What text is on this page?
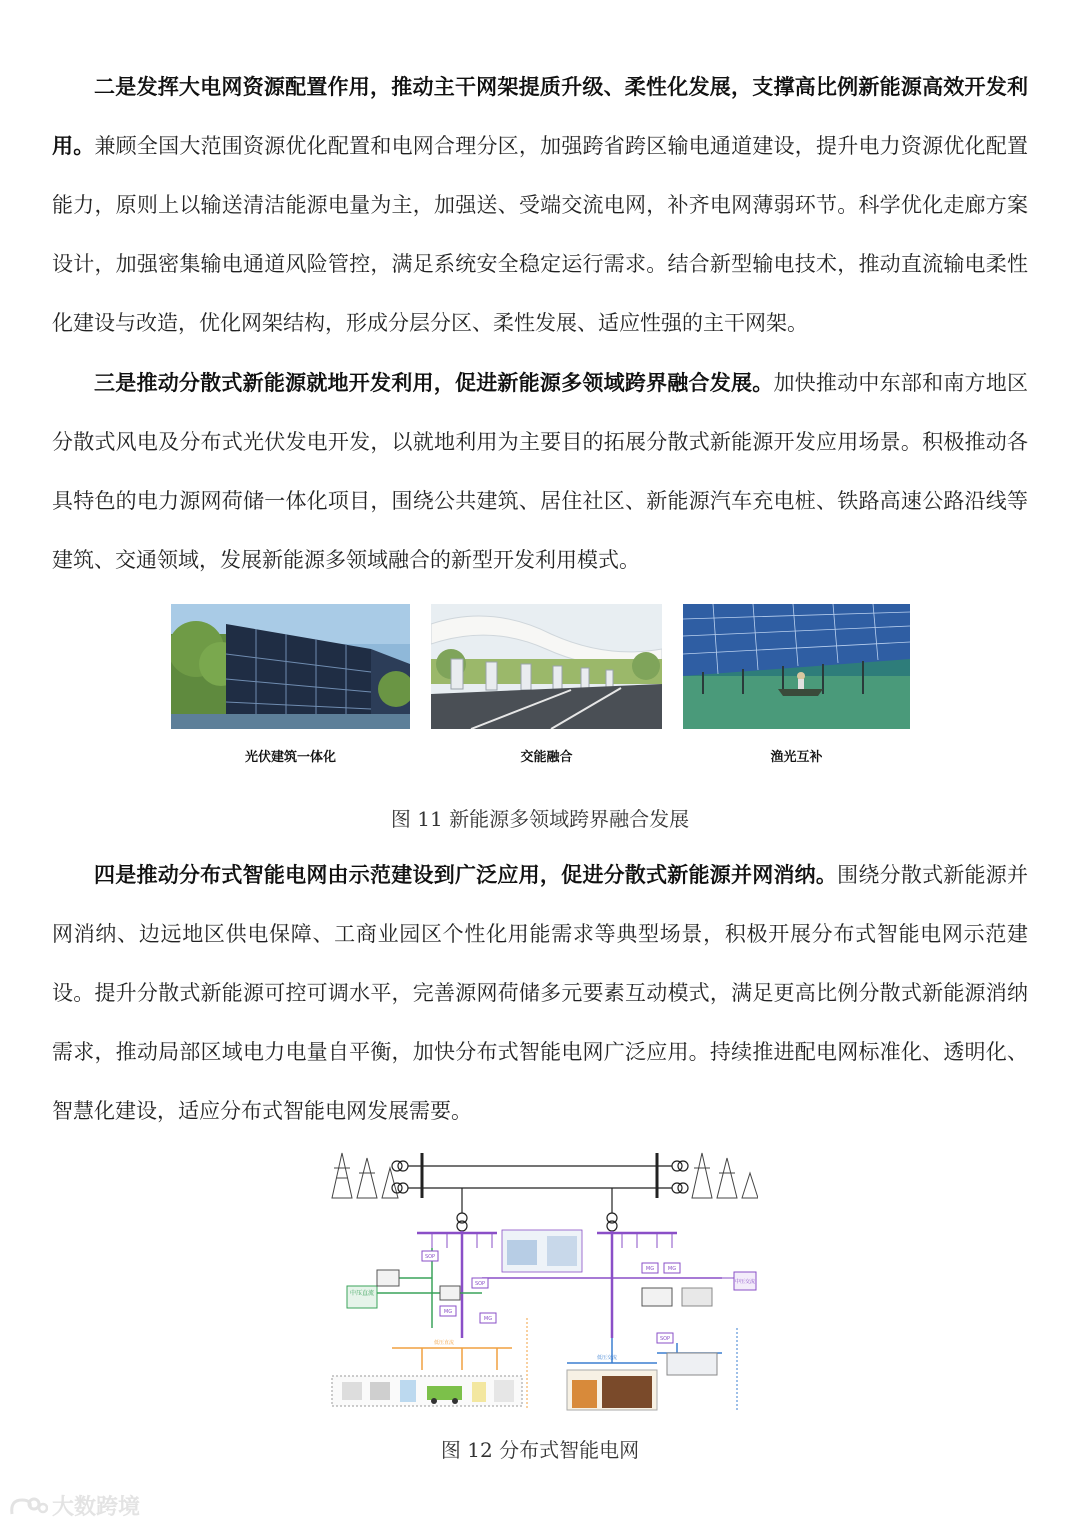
二是发挥大电网资源配置作用，推动主干网架提质升级、柔性化发展，支撑高比例新能源高效开发利用。兼顾全国大范围资源优化配置和电网合理分区，加强跨省跨区输电通道建设，提升电力资源优化配置能力，原则上以输送清洁能源电量为主，加强送、受端交流电网，补齐电网薄弱环节。科学优化走廊方案设计，加强密集输电通道风险管控，满足系统安全稳定运行需求。结合新型输电技术，推动直流输电柔性化建设与改造，优化网架结构，形成分层分区、柔性发展、适应性强的主干网架。
三是推动分散式新能源就地开发利用，促进新能源多领域跨界融合发展。加快推动中东部和南方地区分散式风电及分布式光伏发电开发，以就地利用为主要目的拓展分散式新能源开发应用场景。积极推动各具特色的电力源网荷储一体化项目，围绕公共建筑、居住社区、新能源汽车充电桩、铁路高速公路沿线等建筑、交通领域，发展新能源多领域融合的新型开发利用模式。
光伏建筑一体化	交能融合	渔光互补
图 11 新能源多领域跨界融合发展
四是推动分布式智能电网由示范建设到广泛应用，促进分散式新能源并网消纳。围绕分散式新能源并网消纳、边远地区供电保障、工商业园区个性化用能需求等典型场景，积极开展分布式智能电网示范建设。提升分散式新能源可控可调水平，完善源网荷储多元要素互动模式，满足更高比例分散式新能源消纳需求，推动局部区域电力电量自平衡，加快分布式智能电网广泛应用。持续推进配电网标准化、透明化、智慧化建设，适应分布式智能电网发展需要。
中压直流
SOP
SOP
SOP
MG
MG
MG	MG
中压交流
低压直流
低压交流
图 12 分布式智能电网
大数跨境
